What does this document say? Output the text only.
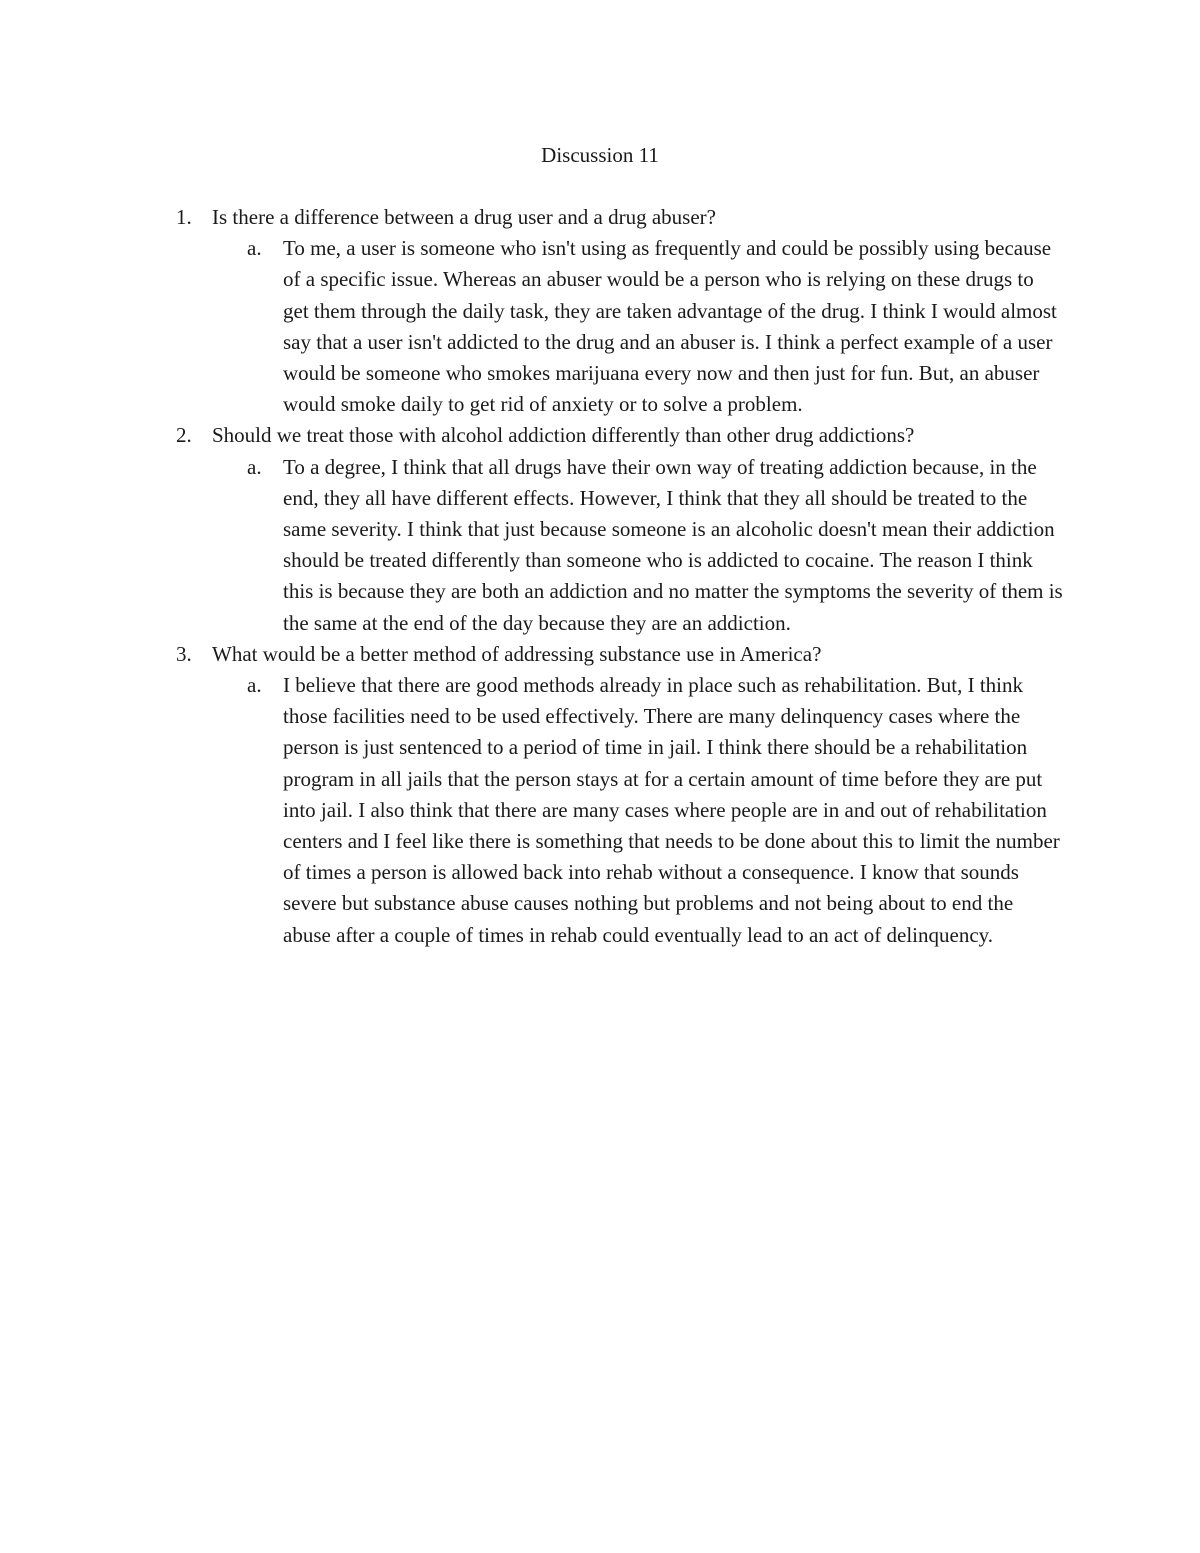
Discussion 11
1. Is there a difference between a drug user and a drug abuser?
a. To me, a user is someone who isn't using as frequently and could be possibly using because of a specific issue. Whereas an abuser would be a person who is relying on these drugs to get them through the daily task, they are taken advantage of the drug. I think I would almost say that a user isn't addicted to the drug and an abuser is. I think a perfect example of a user would be someone who smokes marijuana every now and then just for fun. But, an abuser would smoke daily to get rid of anxiety or to solve a problem.
2. Should we treat those with alcohol addiction differently than other drug addictions?
a. To a degree, I think that all drugs have their own way of treating addiction because, in the end, they all have different effects. However, I think that they all should be treated to the same severity. I think that just because someone is an alcoholic doesn't mean their addiction should be treated differently than someone who is addicted to cocaine. The reason I think this is because they are both an addiction and no matter the symptoms the severity of them is the same at the end of the day because they are an addiction.
3. What would be a better method of addressing substance use in America?
a. I believe that there are good methods already in place such as rehabilitation. But, I think those facilities need to be used effectively. There are many delinquency cases where the person is just sentenced to a period of time in jail. I think there should be a rehabilitation program in all jails that the person stays at for a certain amount of time before they are put into jail. I also think that there are many cases where people are in and out of rehabilitation centers and I feel like there is something that needs to be done about this to limit the number of times a person is allowed back into rehab without a consequence. I know that sounds severe but substance abuse causes nothing but problems and not being about to end the abuse after a couple of times in rehab could eventually lead to an act of delinquency.
